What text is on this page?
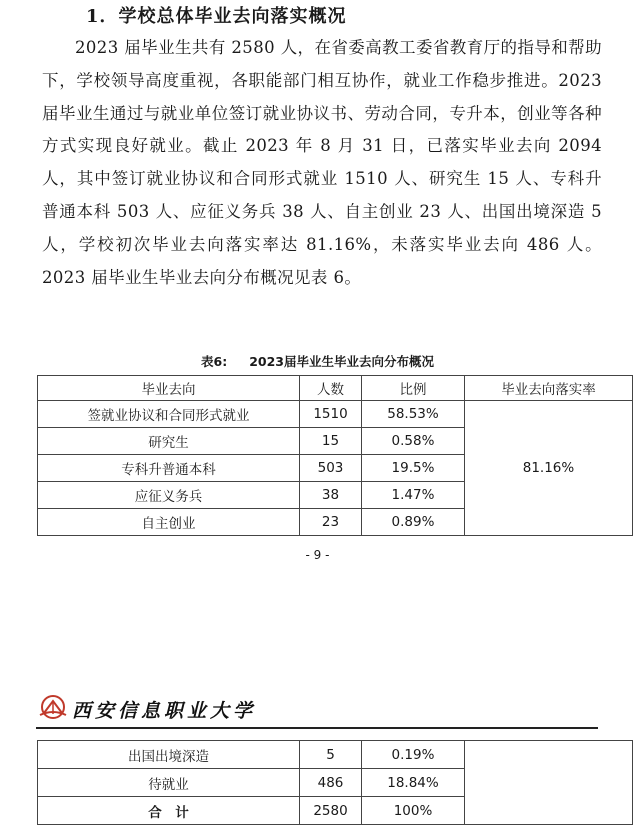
1．学校总体毕业去向落实概况

2023 届毕业生共有 2580 人，在省委高教工委省教育厅的指导和帮助下，学校领导高度重视，各职能部门相互协作，就业工作稳步推进。2023 届毕业生通过与就业单位签订就业协议书、劳动合同，专升本，创业等各种方式实现良好就业。截止 2023 年 8 月 31 日，已落实毕业去向 2094 人，其中签订就业协议和合同形式就业 1510 人、研究生 15 人、专科升普通本科 503 人、应征义务兵 38 人、自主创业 23 人、出国出境深造 5 人，学校初次毕业去向落实率达 81.16%，未落实毕业去向 486 人。2023 届毕业生毕业去向分布概况见表 6。

表6: 2023届毕业生毕业去向分布概况

毕业去向	人数	比例	毕业去向落实率
签就业协议和合同形式就业	1510	58.53%	81.16%
研究生	15	0.58%	
专科升普通本科	503	19.5%	
应征义务兵	38	1.47%	
自主创业	23	0.89%	
- 9 -
西安信息职业大学
出国出境深造	5	0.19%	
待就业	486	18.84%	
合　计	2580	100%	
